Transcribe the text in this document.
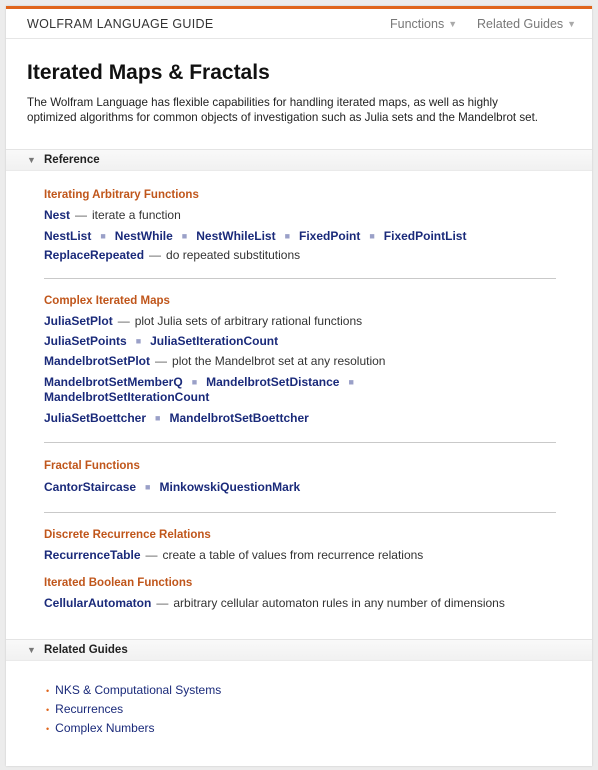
WOLFRAM LANGUAGE GUIDE	Functions ▼ Related Guides ▼
Iterated Maps & Fractals

The Wolfram Language has flexible capabilities for handling iterated maps, as well as highly optimized algorithms for common objects of investigation such as Julia sets and the Mandelbrot set.

▼ Reference
Iterating Arbitrary Functions
Nest — iterate a function
NestList ■ NestWhile ■ NestWhileList ■ FixedPoint ■ FixedPointList
ReplaceRepeated — do repeated substitutions
Complex Iterated Maps
JuliaSetPlot — plot Julia sets of arbitrary rational functions
JuliaSetPoints ■ JuliaSetIterationCount
MandelbrotSetPlot — plot the Mandelbrot set at any resolution
MandelbrotSetMemberQ ■ MandelbrotSetDistance ■
MandelbrotSetIterationCount
JuliaSetBoettcher ■ MandelbrotSetBoettcher
Fractal Functions
CantorStaircase ■ MinkowskiQuestionMark
Discrete Recurrence Relations
RecurrenceTable — create a table of values from recurrence relations
Iterated Boolean Functions
CellularAutomaton — arbitrary cellular automaton rules in any number of dimensions
▼ Related Guides
• NKS & Computational Systems
• Recurrences
• Complex Numbers
